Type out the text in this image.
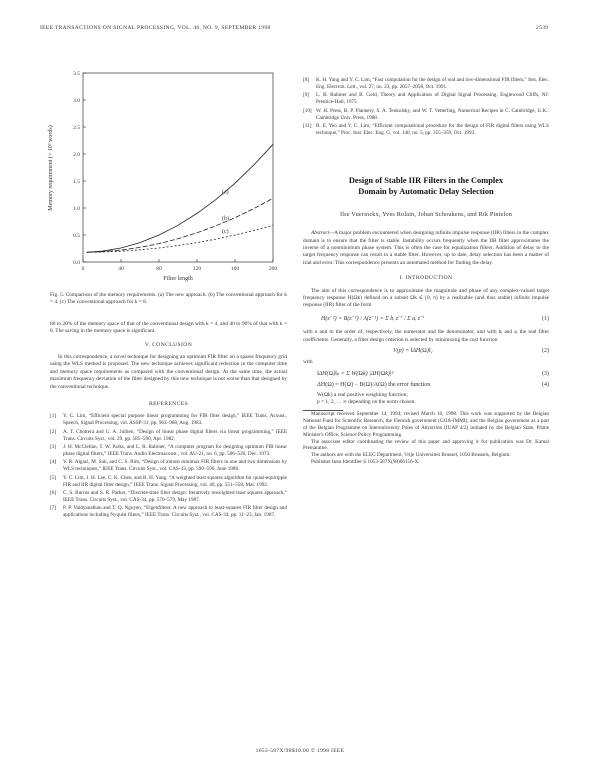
IEEE TRANSACTIONS ON SIGNAL PROCESSING, VOL. 46, NO. 9, SEPTEMBER 1998	2539
0	40	80	120	160	200
0.0
0.5
1.0
1.5
2.0
2.5
3.0
3.5
(a)
(b)
(c)
Memory requirement (× 10³ words)
Filter length
Fig. 5. Comparison of the memory requirements. (a) The new approach. (b) The conventional approach for k = 4. (c) The conventional approach for k = 8.

80 to 20% of the memory space of that of the conventional design with k = 4, and 40 to 90% of that with k = 8. The saving in the memory space is significant.

V. CONCLUSION

In this correspondence, a novel technique for designing an optimum FIR filter on a sparse frequency grid using the WLS method is proposed. The new technique achieves significant reduction in the computer time and memory space requirements as compared with the conventional design. At the same time, the actual maximum frequency deviation of the filter designed by this new technique is not worse than that designed by the conventional technique.

REFERENCES
[1]	Y. C. Lim, “Efficient special purpose linear programming for FIR filter design,” IEEE Trans. Acoust., Speech, Signal Processing, vol. ASSP-31, pp. 963–968, Aug. 1983.
[2]	A. T. Chottera and G. A. Jullien, “Design of linear phase digital filters via linear programming,” IEEE Trans. Circuits Syst., vol. 29, pp. 585–590, Apr. 1982.
[3]	J. H. McClellan, T. W. Parks, and L. R. Rabiner, “A computer program for designing optimum FIR linear phase digital filters,” IEEE Trans. Audio Electroacoust., vol. AU-21, no. 6, pp. 506–526, Dec. 1973.
[4]	V. R. Algazi, M. Suk, and C. S. Rim, “Design of almost minimax FIR filters in one and two dimensions by WLS techniques,” IEEE Trans. Circuits Syst., vol. CAS-33, pp. 590–596, June 1986.
[5]	Y. C. Lim, J. H. Lee, C. K. Chen, and R. H. Yang, “A weighted least squares algorithm for quasi-equiripple FIR and IIR digital filter design,” IEEE Trans. Signal Processing, vol. 40, pp. 551–558, Mar. 1992.
[6]	C. S. Burrus and S. R. Parker, “Discrete-time filter design: Iteratively reweighted least squares approach,” IEEE Trans. Circuits Syst., vol. CAS-34, pp. 570–579, May 1987.
[7]	P. P. Vaidyanathan and T. Q. Nguyen, “Eigenfilters: A new approach to least-squares FIR filter design and applications including Nyquist filters,” IEEE Trans. Circuits Syst., vol. CAS-34, pp. 11–23, Jan. 1987.
[8]	K. H. Yang and Y. C. Lim, “Fast computation for the design of real and low-dimensional FIR filters,” Inst. Elec. Eng. Electron. Lett., vol. 27, no. 23, pp. 2057–2058, Oct. 1991.
[9]	L. R. Rabiner and B. Gold, Theory and Application of Digital Signal Processing. Englewood Cliffs, NJ: Prentice-Hall, 1975.
[10] W. H. Press, B. P. Flannery, S. A. Teukolsky, and W. T. Vetterling, Numerical Recipes in C. Cambridge, U.K.: Cambridge Univ. Press, 1988.
[11] R. E. Yeo and Y. C. Lim, “Efficient computational procedure for the design of FIR digital filters using WLS technique,” Proc. Inst. Elec. Eng. G, vol. 140, no. 5, pp. 355–359, Oct. 1993.
Design of Stable IIR Filters in the Complex
Domain by Automatic Delay Selection
Ilse Vuerinckx, Yves Rolain, Johan Schoukens, and Rik Pintelon

Abstract—A major problem encountered when designing infinite impulse response (IIR) filters in the complex domain is to ensure that the filter is stable. Instability occurs frequently when the IIR filter approximates the inverse of a nonminimum phase system. This is often the case for equalization filters. Addition of delay to the target frequency response can result in a stable filter. However, up to date, delay selection has been a matter of trial and error. This correspondence presents an automated method for finding the delay.

I. INTRODUCTION

The aim of this correspondence is to approximate the magnitude and phase of any complex-valued target frequency response H(Ωk) defined on a subset Ωk ∈ [0, π] by a realizable (and thus stable) infinite impulse response (IIR) filter of the form

H(z⁻¹) = B(z⁻¹) / A(z⁻¹) = Σ bᵢ z⁻ⁱ / Σ aᵢ z⁻ⁱ	(1)

with n and m the order of, respectively, the numerator and the denominator, and with bᵢ and aᵢ the real filter coefficients. Generally, a filter design criterion is selected by minimizing the cost function

V(p) = ‖ΔH(Ω)‖₂	(2)
with
‖ΔH(Ω)‖ₚ = Σ W(Ωk) |ΔH(Ωk)|ᵖ	(3)
ΔH(Ω) = H(Ω) − B(Ω)/A(Ω) the error function	(4)
W(Ωk) a real positive weighting function;
p = 1, 2, … ∞ depending on the norm chosen.
Manuscript received September 14, 1994; revised March 16, 1998. This work was supported by the Belgian National Fund for Scientific Research, the Flemish government (GOA-IMMI), and the Belgian government as a part of the Belgian Programme on Interuniversity Poles of Attraction (IUAP 4/2) initiated by the Belgian State, Prime Minister's Office, Science Policy Programming.
The associate editor coordinating the review of this paper and approving it for publication was Dr. Kamal Premaratne.
The authors are with the ELEC Department, Vrije Universiteit Brussel, 1050 Brussels, Belgium.
Publisher Item Identifier S 1053-587X(98)06156-X.
1053-587X/98$10.00 © 1998 IEEE
